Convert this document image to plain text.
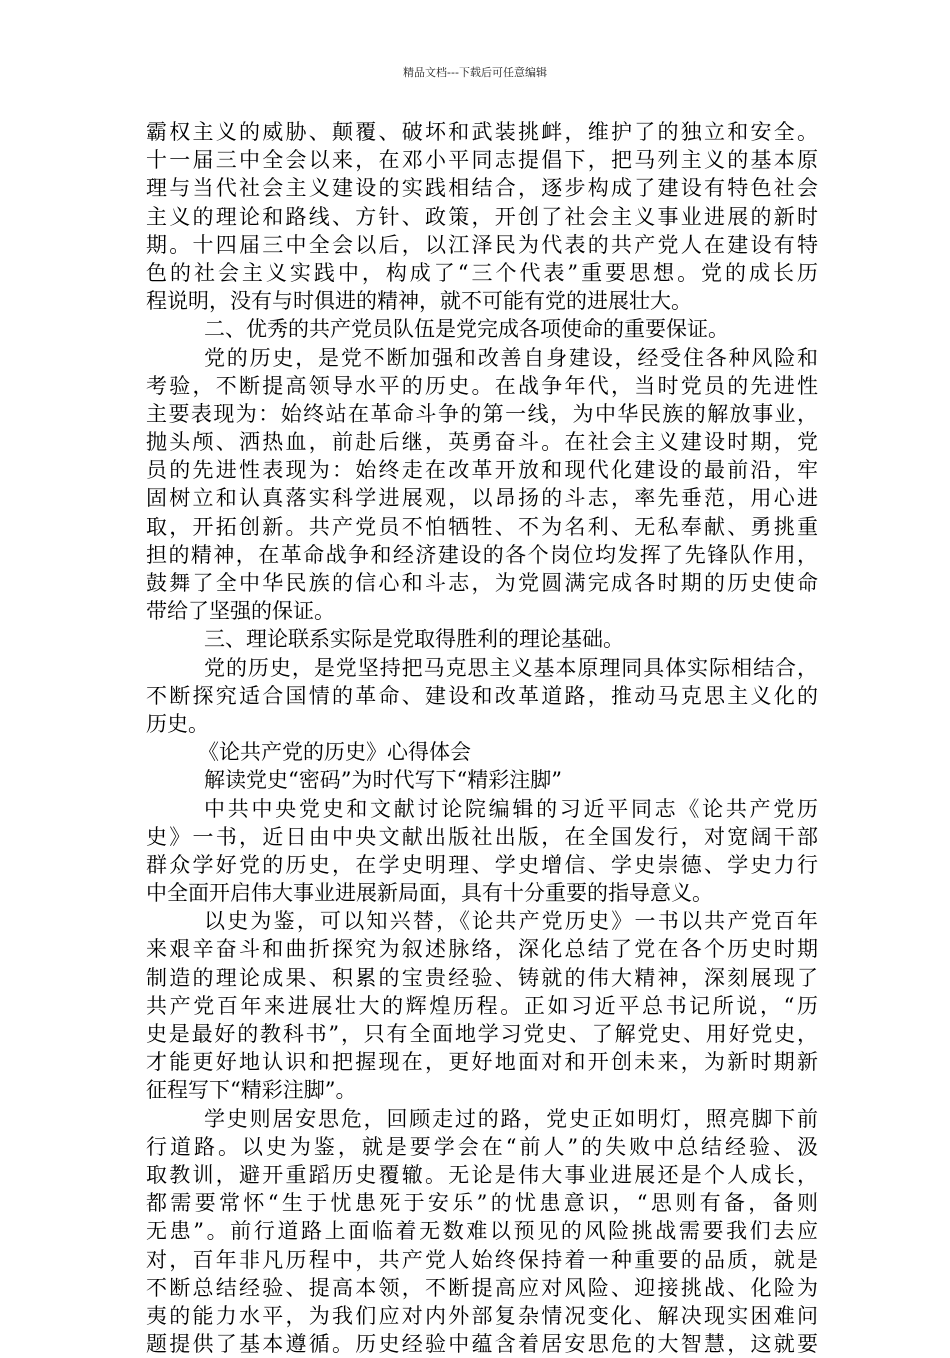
精品文档---下载后可任意编辑
霸权主义的威胁、颠覆、破坏和武装挑衅，维护了的独立和安全。
十一届三中全会以来，在邓小平同志提倡下，把马列主义的基本原
理与当代社会主义建设的实践相结合，逐步构成了建设有特色社会
主义的理论和路线、方针、政策，开创了社会主义事业进展的新时
期。十四届三中全会以后，以江泽民为代表的共产党人在建设有特
色的社会主义实践中，构成了“三个代表”重要思想。党的成长历
程说明，没有与时俱进的精神，就不可能有党的进展壮大。
二、优秀的共产党员队伍是党完成各项使命的重要保证。
党的历史，是党不断加强和改善自身建设，经受住各种风险和
考验，不断提高领导水平的历史。在战争年代，当时党员的先进性
主要表现为：始终站在革命斗争的第一线，为中华民族的解放事业，
抛头颅、洒热血，前赴后继，英勇奋斗。在社会主义建设时期，党
员的先进性表现为：始终走在改革开放和现代化建设的最前沿，牢
固树立和认真落实科学进展观，以昂扬的斗志，率先垂范，用心进
取，开拓创新。共产党员不怕牺牲、不为名利、无私奉献、勇挑重
担的精神，在革命战争和经济建设的各个岗位均发挥了先锋队作用，
鼓舞了全中华民族的信心和斗志，为党圆满完成各时期的历史使命
带给了坚强的保证。
三、理论联系实际是党取得胜利的理论基础。
党的历史，是党坚持把马克思主义基本原理同具体实际相结合，
不断探究适合国情的革命、建设和改革道路，推动马克思主义化的
历史。
《论共产党的历史》心得体会
解读党史“密码”为时代写下“精彩注脚”
中共中央党史和文献讨论院编辑的习近平同志《论共产党历
史》一书，近日由中央文献出版社出版，在全国发行，对宽阔干部
群众学好党的历史，在学史明理、学史增信、学史崇德、学史力行
中全面开启伟大事业进展新局面，具有十分重要的指导意义。
以史为鉴，可以知兴替，《论共产党历史》一书以共产党百年
来艰辛奋斗和曲折探究为叙述脉络，深化总结了党在各个历史时期
制造的理论成果、积累的宝贵经验、铸就的伟大精神，深刻展现了
共产党百年来进展壮大的辉煌历程。正如习近平总书记所说，“历
史是最好的教科书”，只有全面地学习党史、了解党史、用好党史，
才能更好地认识和把握现在，更好地面对和开创未来，为新时期新
征程写下“精彩注脚”。
学史则居安思危，回顾走过的路，党史正如明灯，照亮脚下前
行道路。以史为鉴，就是要学会在“前人”的失败中总结经验、汲
取教训，避开重蹈历史覆辙。无论是伟大事业进展还是个人成长，
都需要常怀“生于忧患死于安乐”的忧患意识，“思则有备，备则
无患”。前行道路上面临着无数难以预见的风险挑战需要我们去应
对，百年非凡历程中，共产党人始终保持着一种重要的品质，就是
不断总结经验、提高本领，不断提高应对风险、迎接挑战、化险为
夷的能力水平，为我们应对内外部复杂情况变化、解决现实困难问
题提供了基本遵循。历史经验中蕴含着居安思危的大智慧，这就要
